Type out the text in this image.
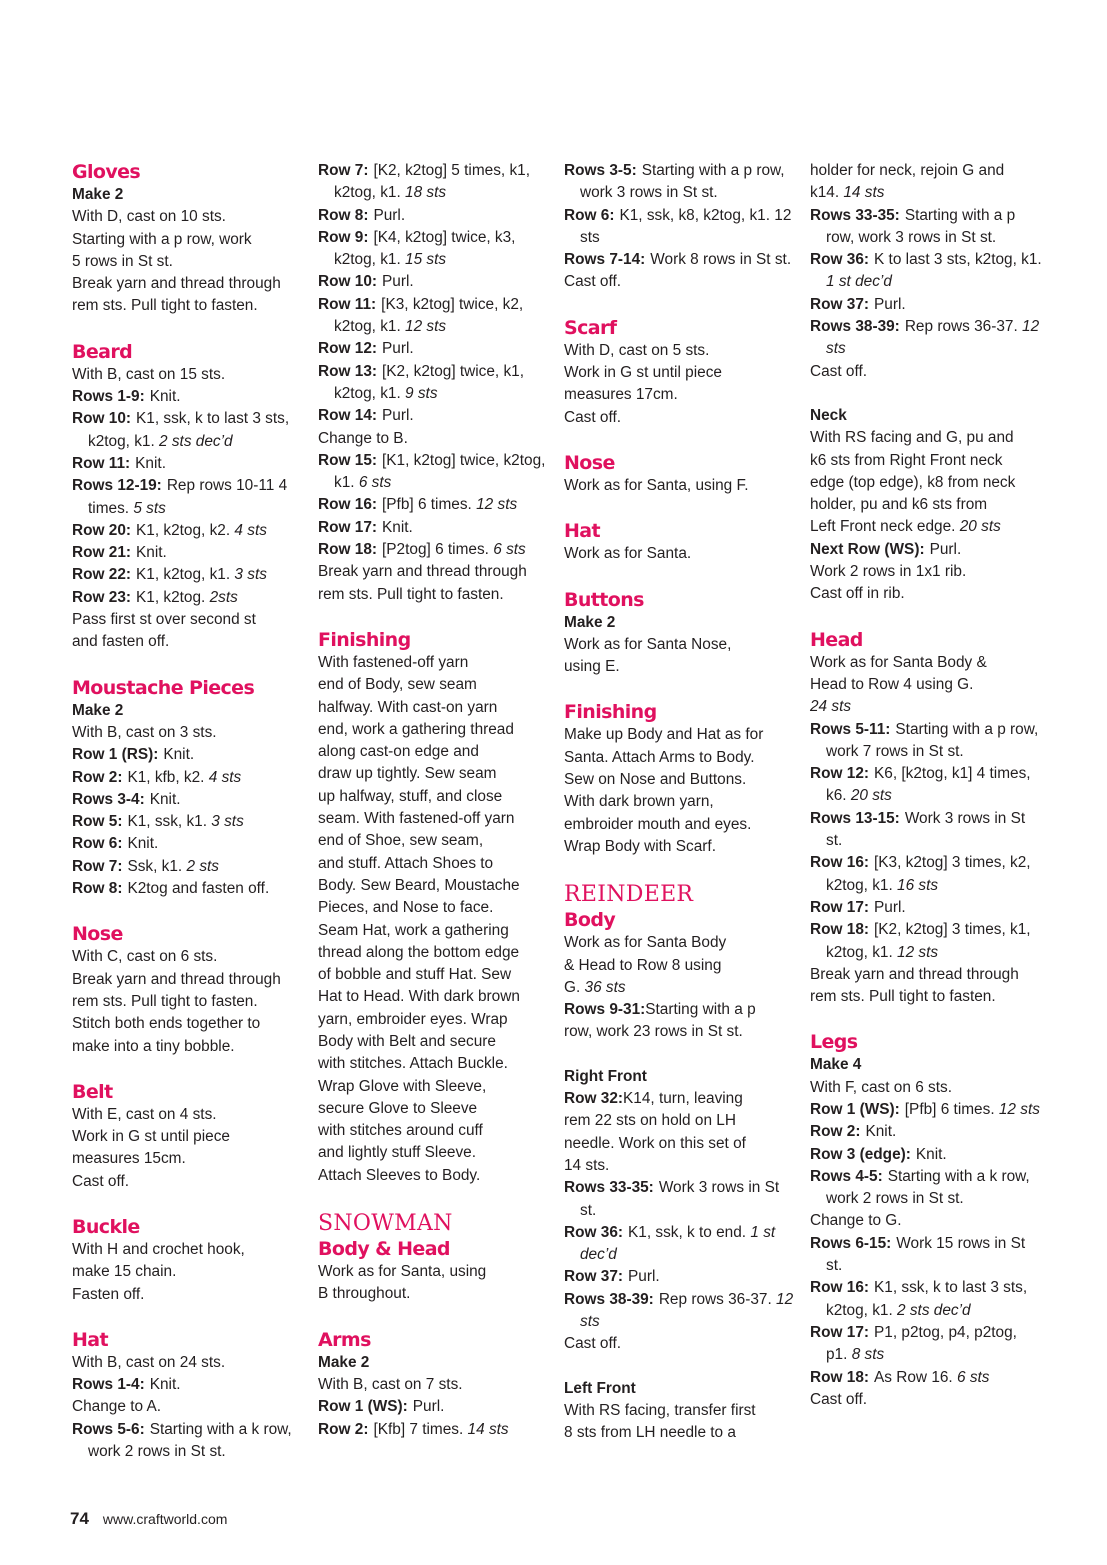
Gloves
Make 2
With D, cast on 10 sts.
Starting with a p row, work
5 rows in St st.
Break yarn and thread through
rem sts. Pull tight to fasten.
Beard
With B, cast on 15 sts.
Rows 1-9: Knit.
Row 10: K1, ssk, k to last 3 sts, k2tog, k1. 2 sts dec’d
Row 11: Knit.
Rows 12-19: Rep rows 10-11 4 times. 5 sts
Row 20: K1, k2tog, k2. 4 sts
Row 21: Knit.
Row 22: K1, k2tog, k1. 3 sts
Row 23: K1, k2tog. 2sts
Pass first st over second st
and fasten off.
Moustache Pieces
Make 2
With B, cast on 3 sts.
Row 1 (RS): Knit.
Row 2: K1, kfb, k2. 4 sts
Rows 3-4: Knit.
Row 5: K1, ssk, k1. 3 sts
Row 6: Knit.
Row 7: Ssk, k1. 2 sts
Row 8: K2tog and fasten off.
Nose
With C, cast on 6 sts.
Break yarn and thread through
rem sts. Pull tight to fasten.
Stitch both ends together to
make into a tiny bobble.
Belt
With E, cast on 4 sts.
Work in G st until piece
measures 15cm.
Cast off.
Buckle
With H and crochet hook,
make 15 chain.
Fasten off.
Hat
With B, cast on 24 sts.
Rows 1-4: Knit.
Change to A.
Rows 5-6: Starting with a k row, work 2 rows in St st.
Row 7: [K2, k2tog] 5 times, k1, k2tog, k1. 18 sts
Row 8: Purl.
Row 9: [K4, k2tog] twice, k3, k2tog, k1. 15 sts
Row 10: Purl.
Row 11: [K3, k2tog] twice, k2, k2tog, k1. 12 sts
Row 12: Purl.
Row 13: [K2, k2tog] twice, k1, k2tog, k1. 9 sts
Row 14: Purl.
Change to B.
Row 15: [K1, k2tog] twice, k2tog, k1. 6 sts
Row 16: [Pfb] 6 times. 12 sts
Row 17: Knit.
Row 18: [P2tog] 6 times. 6 sts
Break yarn and thread through
rem sts. Pull tight to fasten.
Finishing
With fastened-off yarn
end of Body, sew seam
halfway. With cast-on yarn
end, work a gathering thread
along cast-on edge and
draw up tightly. Sew seam
up halfway, stuff, and close
seam. With fastened-off yarn
end of Shoe, sew seam,
and stuff. Attach Shoes to
Body. Sew Beard, Moustache
Pieces, and Nose to face.
Seam Hat, work a gathering
thread along the bottom edge
of bobble and stuff Hat. Sew
Hat to Head. With dark brown
yarn, embroider eyes. Wrap
Body with Belt and secure
with stitches. Attach Buckle.
Wrap Glove with Sleeve,
secure Glove to Sleeve
with stitches around cuff
and lightly stuff Sleeve.
Attach Sleeves to Body.
SNOWMAN
Body & Head
Work as for Santa, using
B throughout.
Arms
Make 2
With B, cast on 7 sts.
Row 1 (WS): Purl.
Row 2: [Kfb] 7 times. 14 sts
Rows 3-5: Starting with a p row, work 3 rows in St st.
Row 6: K1, ssk, k8, k2tog, k1. 12 sts
Rows 7-14: Work 8 rows in St st.
Cast off.
Scarf
With D, cast on 5 sts.
Work in G st until piece
measures 17cm.
Cast off.
Nose
Work as for Santa, using F.
Hat
Work as for Santa.
Buttons
Make 2
Work as for Santa Nose,
using E.
Finishing
Make up Body and Hat as for
Santa. Attach Arms to Body.
Sew on Nose and Buttons.
With dark brown yarn,
embroider mouth and eyes.
Wrap Body with Scarf.
REINDEER
Body
Work as for Santa Body
& Head to Row 8 using
G. 36 sts
Rows 9-31:Starting with a p
row, work 23 rows in St st.
Right Front
Row 32:K14, turn, leaving
rem 22 sts on hold on LH
needle. Work on this set of
14 sts.
Rows 33-35: Work 3 rows in St st.
Row 36: K1, ssk, k to end. 1 st dec’d
Row 37: Purl.
Rows 38-39: Rep rows 36-37. 12 sts
Cast off.
Left Front
With RS facing, transfer first
8 sts from LH needle to a
holder for neck, rejoin G and
k14. 14 sts
Rows 33-35: Starting with a p row, work 3 rows in St st.
Row 36: K to last 3 sts, k2tog, k1. 1 st dec’d
Row 37: Purl.
Rows 38-39: Rep rows 36-37. 12 sts
Cast off.
Neck
With RS facing and G, pu and
k6 sts from Right Front neck
edge (top edge), k8 from neck
holder, pu and k6 sts from
Left Front neck edge. 20 sts
Next Row (WS): Purl.
Work 2 rows in 1x1 rib.
Cast off in rib.
Head
Work as for Santa Body &
Head to Row 4 using G.
24 sts
Rows 5-11: Starting with a p row, work 7 rows in St st.
Row 12: K6, [k2tog, k1] 4 times, k6. 20 sts
Rows 13-15: Work 3 rows in St st.
Row 16: [K3, k2tog] 3 times, k2, k2tog, k1. 16 sts
Row 17: Purl.
Row 18: [K2, k2tog] 3 times, k1, k2tog, k1. 12 sts
Break yarn and thread through
rem sts. Pull tight to fasten.
Legs
Make 4
With F, cast on 6 sts.
Row 1 (WS): [Pfb] 6 times. 12 sts
Row 2: Knit.
Row 3 (edge): Knit.
Rows 4-5: Starting with a k row, work 2 rows in St st.
Change to G.
Rows 6-15: Work 15 rows in St st.
Row 16: K1, ssk, k to last 3 sts, k2tog, k1. 2 sts dec’d
Row 17: P1, p2tog, p4, p2tog, p1. 8 sts
Row 18: As Row 16. 6 sts
Cast off.
74 www.craftworld.com
